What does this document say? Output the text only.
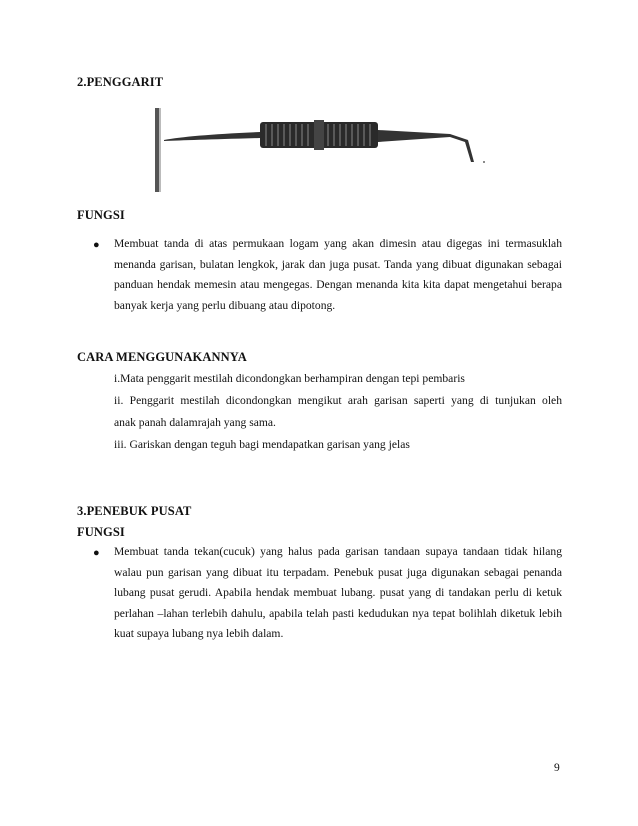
2.PENGGARIT
FUNGSI
● Membuat tanda di atas permukaan logam yang akan dimesin atau digegas ini termasuklah menanda garisan, bulatan lengkok, jarak dan juga pusat. Tanda yang dibuat digunakan sebagai panduan hendak memesin atau mengegas. Dengan menanda kita kita dapat mengetahui berapa banyak kerja yang perlu dibuang atau dipotong.
CARA MENGGUNAKANNYA
i.Mata penggarit mestilah dicondongkan berhampiran dengan tepi pembaris
ii. Penggarit mestilah dicondongkan mengikut arah garisan saperti yang di tunjukan oleh
anak panah dalamrajah yang sama.
iii. Gariskan dengan teguh bagi mendapatkan garisan yang jelas
3.PENEBUK PUSAT
FUNGSI
● Membuat tanda tekan(cucuk) yang halus pada garisan tandaan supaya tandaan tidak hilang walau pun garisan yang dibuat itu terpadam. Penebuk pusat juga digunakan sebagai penanda lubang pusat gerudi. Apabila hendak membuat lubang. pusat yang di tandakan perlu di ketuk perlahan –lahan terlebih dahulu, apabila telah pasti kedudukan nya tepat bolihlah diketuk lebih kuat supaya lubang nya lebih dalam.
9
